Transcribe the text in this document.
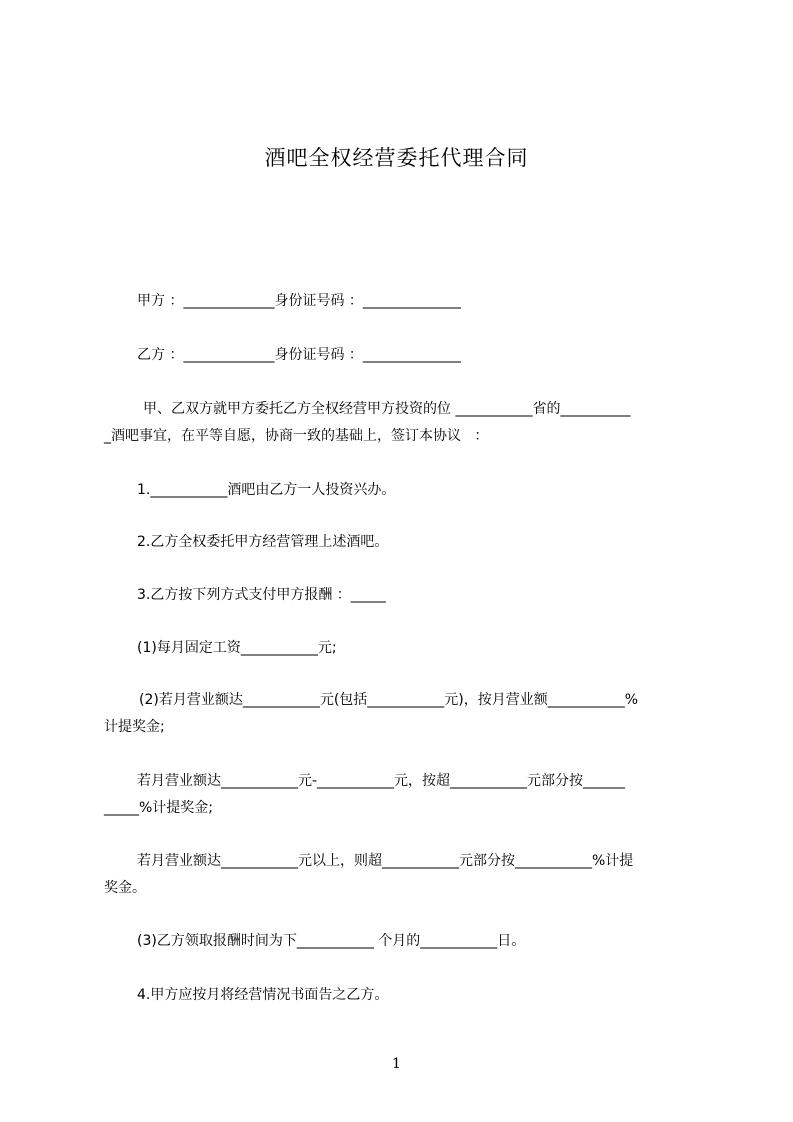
酒吧全权经营委托代理合同
甲方 ：_____________身份证号码 ：______________
乙方 ：_____________身份证号码 ：______________
甲、乙双方就甲方委托乙方全权经营甲方投资的位 ___________省的__________
_酒吧事宜，在平等自愿，协商一致的基础上，签订本协议   ：
1.___________酒吧由乙方一人投资兴办。
2.乙方全权委托甲方经营管理上述酒吧。
3.乙方按下列方式支付甲方报酬 ：_____
(1)每月固定工资___________元;
(2)若月营业额达___________元(包括___________元)，按月营业额___________%
计提奖金;
若月营业额达___________元-___________元，按超___________元部分按______
_____%计提奖金;
若月营业额达___________元以上，则超___________元部分按___________%计提
奖金。
(3)乙方领取报酬时间为下___________ 个月的___________日。
4.甲方应按月将经营情况书面告之乙方。
1
